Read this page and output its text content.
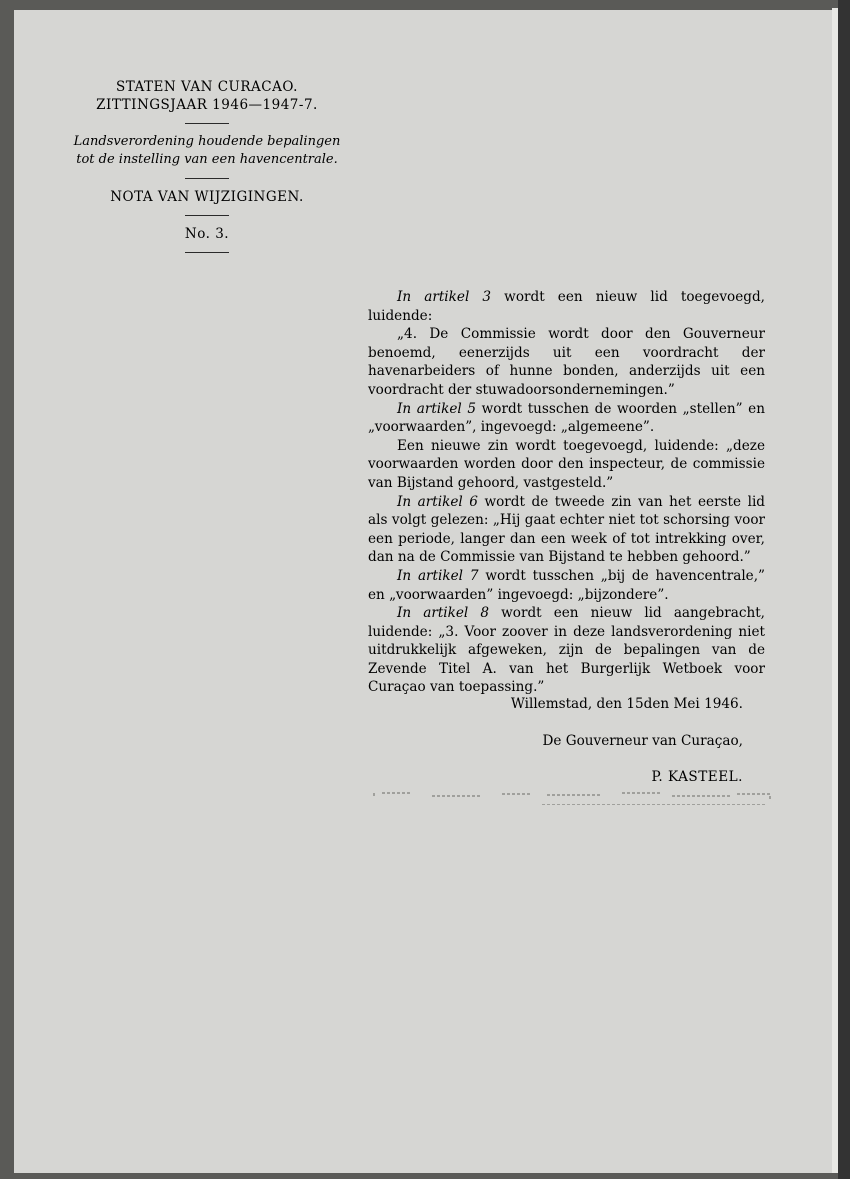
STATEN VAN CURACAO.
ZITTINGSJAAR 1946—1947-7.
Landsverordening houdende bepalingen
tot de instelling van een havencentrale.
NOTA VAN WIJZIGINGEN.
No. 3.

In artikel 3 wordt een nieuw lid toegevoegd, luidende:

„4. De Commissie wordt door den Gouverneur benoemd, eenerzijds uit een voordracht der havenarbeiders of hunne bonden, anderzijds uit een voordracht der stuwadoorsondernemingen.”

In artikel 5 wordt tusschen de woorden „stellen” en „voorwaarden”, ingevoegd: „algemeene”.

Een nieuwe zin wordt toegevoegd, luidende: „deze voorwaarden worden door den inspecteur, de commissie van Bijstand gehoord, vastgesteld.”

In artikel 6 wordt de tweede zin van het eerste lid als volgt gelezen: „Hij gaat echter niet tot schorsing voor een periode, langer dan een week of tot intrekking over, dan na de Commissie van Bijstand te hebben gehoord.”

In artikel 7 wordt tusschen „bij de havencentrale,” en „voorwaarden” ingevoegd: „bijzondere”.

In artikel 8 wordt een nieuw lid aangebracht, luidende: „3. Voor zoover in deze landsverordening niet uitdrukkelijk afgeweken, zijn de bepalingen van de Zevende Titel A. van het Burgerlijk Wetboek voor Curaçao van toepassing.”

Willemstad, den 15den Mei 1946.
De Gouverneur van Curaçao,
P. KASTEEL.
